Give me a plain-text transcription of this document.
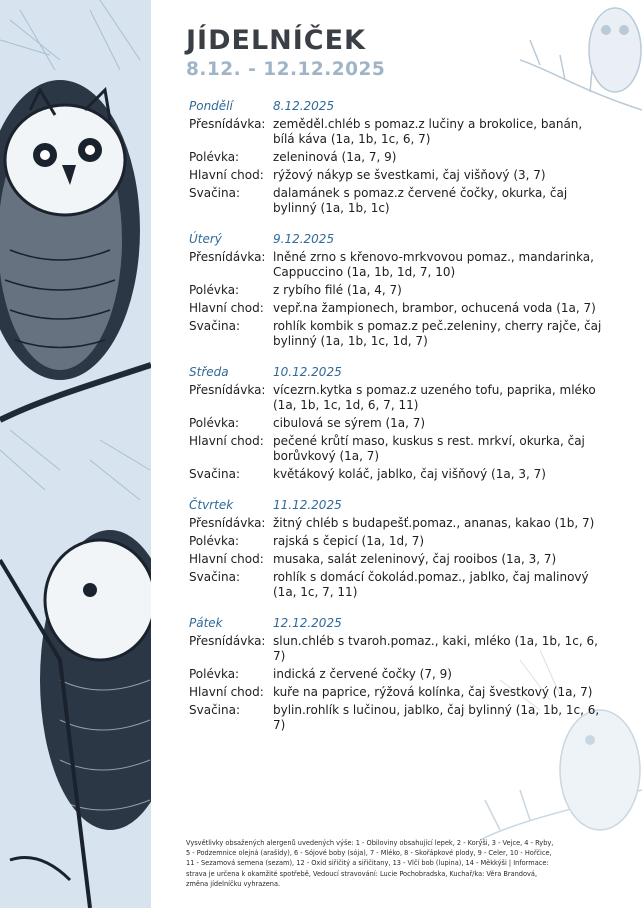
JÍDELNÍČEK
8.12. - 12.12.2025
Pondělí	8.12.2025
Přesnídávka: zeměděl.chléb s pomaz.z lučiny a brokolice, banán, bílá káva (1a, 1b, 1c, 6, 7)
Polévka:	zeleninová (1a, 7, 9)
Hlavní chod: rýžový nákyp se švestkami, čaj višňový (3, 7)
Svačina:	dalamánek s pomaz.z červené čočky, okurka, čaj bylinný (1a, 1b, 1c)
Úterý	9.12.2025
Přesnídávka: lněné zrno s křenovo-mrkvovou pomaz., mandarinka, Cappuccino (1a, 1b, 1d, 7, 10)
Polévka:	z rybího filé (1a, 4, 7)
Hlavní chod: vepř.na žampionech, brambor, ochucená voda (1a, 7)
Svačina:	rohlík kombik s pomaz.z peč.zeleniny, cherry rajče, čaj bylinný (1a, 1b, 1c, 1d, 7)
Středa	10.12.2025
Přesnídávka: vícezrn.kytka s pomaz.z uzeného tofu, paprika, mléko (1a, 1b, 1c, 1d, 6, 7, 11)
Polévka:	cibulová se sýrem (1a, 7)
Hlavní chod: pečené krůtí maso, kuskus s rest. mrkví, okurka, čaj borůvkový (1a, 7)
Svačina:	květákový koláč, jablko, čaj višňový (1a, 3, 7)
Čtvrtek	11.12.2025
Přesnídávka: žitný chléb s budapešť.pomaz., ananas, kakao (1b, 7)
Polévka:	rajská s čepicí (1a, 1d, 7)
Hlavní chod: musaka, salát zeleninový, čaj rooibos (1a, 3, 7)
Svačina:	rohlík s domácí čokolád.pomaz., jablko, čaj malinový (1a, 1c, 7, 11)
Pátek	12.12.2025
Přesnídávka: slun.chléb s tvaroh.pomaz., kaki, mléko (1a, 1b, 1c, 6, 7)
Polévka:	indická z červené čočky (7, 9)
Hlavní chod: kuře na paprice, rýžová kolínka, čaj švestkový (1a, 7)
Svačina:	bylin.rohlík s lučinou, jablko, čaj bylinný (1a, 1b, 1c, 6, 7)
Vysvětlivky obsažených alergenů uvedených výše: 1 - Obiloviny obsahující lepek, 2 - Korýši, 3 - Vejce, 4 - Ryby, 5 - Podzemnice olejná (arašídy), 6 - Sójové boby (sója), 7 - Mléko, 8 - Skořápkové plody, 9 - Celer, 10 - Hořčice, 11 - Sezamová semena (sezam), 12 - Oxid siřičitý a siřičitany, 13 - Vlčí bob (lupina), 14 - Měkkýši | Informace: strava je určena k okamžité spotřebě, Vedoucí stravování: Lucie Pochobradska, Kuchař/ka: Věra Brandová, změna jídelníčku vyhrazena.
